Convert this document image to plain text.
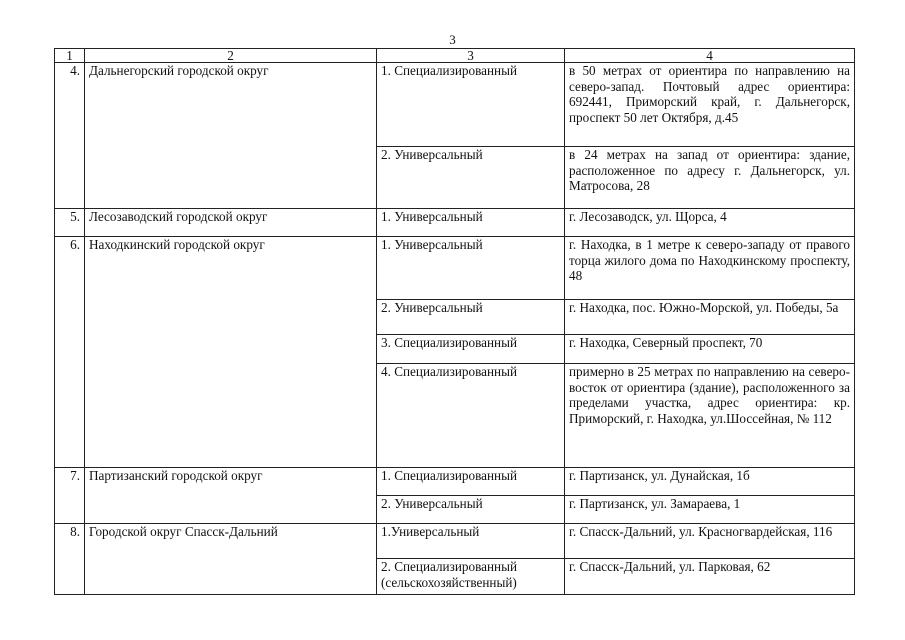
3
1	2	3	4
4.	Дальнегорский городской округ	1. Специализированный	в 50 метрах от ориентира по направлению на северо-запад. Почтовый адрес ориентира: 692441, Приморский край, г. Дальнегорск, проспект 50 лет Октября, д.45
		2. Универсальный	в 24 метрах на запад от ориентира: здание, расположенное по адресу г. Дальнегорск, ул. Матросова, 28
5.	Лесозаводский городской округ	1. Универсальный	г. Лесозаводск, ул. Щорса, 4
6.	Находкинский городской округ	1. Универсальный	г. Находка, в 1 метре к северо-западу от правого торца жилого дома по Находкинскому проспекту, 48
		2. Универсальный	г. Находка, пос. Южно-Морской, ул. Победы, 5а
		3. Специализированный	г. Находка, Северный проспект, 70
		4. Специализированный	примерно в 25 метрах по направлению на северо-восток от ориентира (здание), расположенного за пределами участка, адрес ориентира: кр. Приморский, г. Находка, ул.Шоссейная, № 112
7.	Партизанский городской округ	1. Специализированный	г. Партизанск, ул. Дунайская, 1б
		2. Универсальный	г. Партизанск, ул. Замараева, 1
8.	Городской округ Спасск-Дальний	1.Универсальный	г. Спасск-Дальний, ул. Красногвардейская, 116
		2. Специализированный (сельскохозяйственный)	г. Спасск-Дальний, ул. Парковая, 62
